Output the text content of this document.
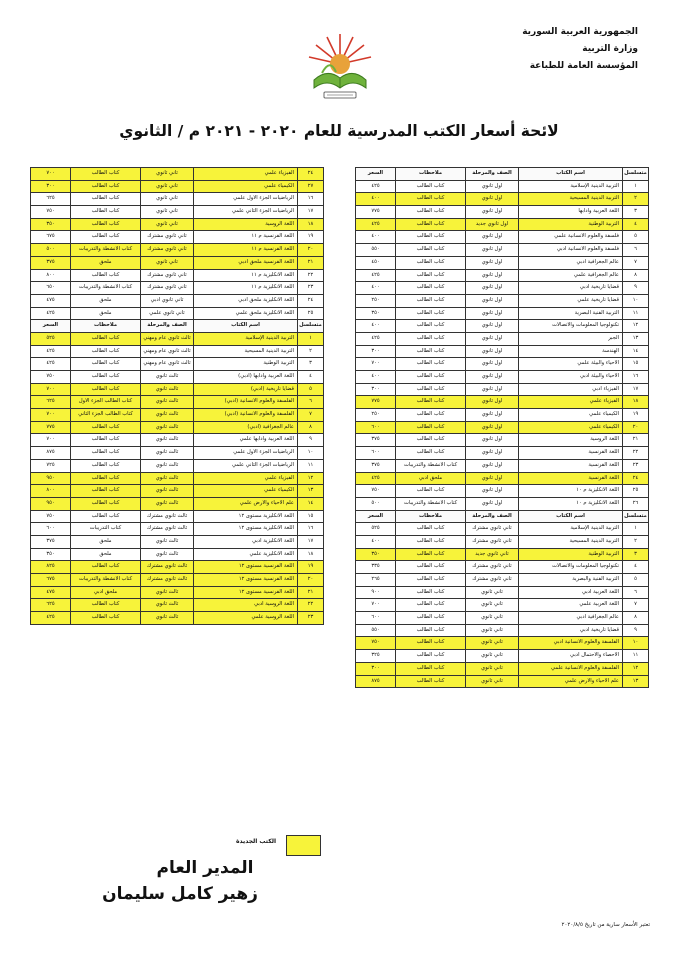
الجمهورية العربية السورية
وزارة التربية
المؤسسة العامة للطباعة
لائحة أسعار الكتب المدرسية للعام ٢٠٢٠ - ٢٠٢١ م / الثانوي
متسلسل	اسم الكتاب	الصف والمرحلة	ملاحظات	السعر
١	التربية الدينية الإسلامية	اول ثانوي	كتاب الطالب	٤٢٥
٢	التربية الدينية المسيحية	اول ثانوي	كتاب الطالب	٤٠٠
٣	اللغة العربية وادابها	اول ثانوي	كتاب الطالب	٧٧٥
٤	التربية الوطنية	اول ثانوي جديد	كتاب الطالب	٤٢٥
٥	فلسفة والعلوم الانسانية علمي	اول ثانوي	كتاب الطالب	٤٠٠
٦	فلسفة والعلوم الانسانية ادبي	اول ثانوي	كتاب الطالب	٥٥٠
٧	عالم الجغرافية ادبي	اول ثانوي	كتاب الطالب	٤٥٠
٨	عالم الجغرافية علمي	اول ثانوي	كتاب الطالب	٤٢٥
٩	قضايا تاريخية ادبي	اول ثانوي	كتاب الطالب	٤٠٠
١٠	قضايا تاريخية علمي	اول ثانوي	كتاب الطالب	٢٥٠
١١	التربية الفنية البصرية	اول ثانوي	كتاب الطالب	٣٥٠
١٢	تكنولوجيا المعلومات والاتصالات	اول ثانوي	كتاب الطالب	٤٠٠
١٣	الجبر	اول ثانوي	كتاب الطالب	٤٢٥
١٤	الهندسة	اول ثانوي	كتاب الطالب	٣٠٠
١٥	الاحياء والبيئة علمي	اول ثانوي	كتاب الطالب	٧٠٠
١٦	الاحياء والبيئة ادبي	اول ثانوي	كتاب الطالب	٤٠٠
١٧	الفيزياء ادبي	اول ثانوي	كتاب الطالب	٣٠٠
١٨	الفيزياء علمي	اول ثانوي	كتاب الطالب	٧٧٥
١٩	الكيمياء علمي	اول ثانوي	كتاب الطالب	٢٥٠
٢٠	الكيمياء علمي	اول ثانوي	كتاب الطالب	٦٠٠
٢١	اللغة الروسية	اول ثانوي	كتاب الطالب	٣٧٥
٢٢	اللغة الفرنسية	اول ثانوي	كتاب الطالب	٦٠٠
٢٣	اللغة الفرنسية	اول ثانوي	كتاب الانشطة والتدريبات	٣٧٥
٢٤	اللغة الفرنسية	اول ثانوي	ملحق ادبي	٤٢٥
٢٥	اللغة الانكليزية م ١٠	اول ثانوي	كتاب الطالب	٧٥٠
٢٦	اللغة الانكليزية م ١٠	اول ثانوي	كتاب الانشطة والتدريبات	٥٠٠
متسلسل	اسم الكتاب	الصف والمرحلة	ملاحظات	السعر
١	التربية الدينية الإسلامية	ثاني ثانوي مشترك	كتاب الطالب	٥٢٥
٢	التربية الدينية المسيحية	ثاني ثانوي مشترك	كتاب الطالب	٤٠٠
٣	التربية الوطنية	ثاني ثانوي جديد	كتاب الطالب	٣٥٠
٤	تكنولوجيا المعلومات والاتصالات	ثاني ثانوي مشترك	كتاب الطالب	٣٣٥
٥	التربية الفنية والبصرية	ثاني ثانوي مشترك	كتاب الطالب	٢٦٥
٦	اللغة العربية ادبي	ثاني ثانوي	كتاب الطالب	٩٠٠
٧	اللغة العربية علمي	ثاني ثانوي	كتاب الطالب	٧٠٠
٨	عالم الجغرافية ادبي	ثاني ثانوي	كتاب الطالب	٦٠٠
٩	قضايا تاريخية ادبي	ثاني ثانوي	كتاب الطالب	٥٥٠
١٠	الفلسفة والعلوم الانسانية ادبي	ثاني ثانوي	كتاب الطالب	٧٥٠
١١	الاحصاء والاحتمال ادبي	ثاني ثانوي	كتاب الطالب	٣٢٥
١٢	الفلسفة والعلوم الانسانية علمي	ثاني ثانوي	كتاب الطالب	٣٠٠
١٣	علم الاحياء والارض علمي	ثاني ثانوي	كتاب الطالب	٨٧٥
٢٤	الفيزياء علمي	ثاني ثانوي	كتاب الطالب	٧٠٠
٢٧	الكيمياء علمي	ثاني ثانوي	كتاب الطالب	٣٠٠
١٦	الرياضيات الجزء الاول علمي	ثاني ثانوي	كتاب الطالب	٦٢٥
١٧	الرياضيات الجزء الثاني علمي	ثاني ثانوي	كتاب الطالب	٧٥٠
١٨	اللغة الروسية	ثاني ثانوي	كتاب الطالب	٣٥٠
١٩	اللغة الفرنسية م ١١	ثاني ثانوي مشترك	كتاب الطالب	٦٧٥
٢٠	اللغة الفرنسية م ١١	ثاني ثانوي مشترك	كتاب الانشطة والتدريبات	٥٠٠
٢١	اللغة الفرنسية ملحق ادبي	ثاني ثانوي	ملحق	٣٧٥
٢٢	اللغة الانكليزية م ١١	ثاني ثانوي مشترك	كتاب الطالب	٨٠٠
٢٣	اللغة الانكليزية م ١١	ثاني ثانوي مشترك	كتاب الانشطة والتدريبات	٦٥٠
٢٤	اللغة الانكليزية ملحق ادبي	ثاني ثانوي ادبي	ملحق	٤٧٥
٢٥	اللغة الانكليزية ملحق علمي	ثاني ثانوي علمي	ملحق	٤٢٥
متسلسل	اسم الكتاب	الصف والمرحلة	ملاحظات	السعر
١	التربية الدينية الإسلامية	ثالث ثانوي عام ومهني	كتاب الطالب	٥٢٥
٢	التربية الدينية المسيحية	ثالث ثانوي عام ومهني	كتاب الطالب	٤٢٥
٣	التربية الوطنية	ثالث ثانوي عام ومهني	كتاب الطالب	٤٢٥
٤	اللغة العربية وادابها (ادبي)	ثالث ثانوي	كتاب الطالب	٧٥٠
٥	قضايا تاريخية (ادبي)	ثالث ثانوي	كتاب الطالب	٧٠٠
٦	الفلسفة والعلوم الانسانية (ادبي)	ثالث ثانوي	كتاب الطالب الجزء الاول	٦٢٥
٧	الفلسفة والعلوم الانسانية (ادبي)	ثالث ثانوي	كتاب الطالب الجزء الثاني	٧٠٠
٨	عالم الجغرافية (ادبي)	ثالث ثانوي	كتاب الطالب	٧٧٥
٩	اللغة العربية وادابها علمي	ثالث ثانوي	كتاب الطالب	٧٠٠
١٠	الرياضيات الجزء الاول علمي	ثالث ثانوي	كتاب الطالب	٨٧٥
١١	الرياضيات الجزء الثاني علمي	ثالث ثانوي	كتاب الطالب	٧٢٥
١٢	الفيزياء علمي	ثالث ثانوي	كتاب الطالب	٩٥٠
١٣	الكيمياء علمي	ثالث ثانوي	كتاب الطالب	٨٠٠
١٤	علم الاحياء والارض علمي	ثالث ثانوي	كتاب الطالب	٩٥٠
١٥	اللغة الانكليزية مستوى ١٢	ثالث ثانوي مشترك	كتاب الطالب	٧٥٠
١٦	اللغة الانكليزية مستوى ١٢	ثالث ثانوي مشترك	كتاب التدريبات	٦٠٠
١٧	اللغة الانكليزية ادبي	ثالث ثانوي	ملحق	٣٧٥
١٨	اللغة الانكليزية علمي	ثالث ثانوي	ملحق	٣٥٠
١٩	اللغة الفرنسية مستوى ١٢	ثالث ثانوي مشترك	كتاب الطالب	٨٢٥
٢٠	اللغة الفرنسية مستوى ١٢	ثالث ثانوي مشترك	كتاب الانشطة والتدريبات	٦٧٥
٢١	اللغة الفرنسية مستوى ١٢	ثالث ثانوي	ملحق ادبي	٤٧٥
٢٢	اللغة الروسية ادبي	ثالث ثانوي	كتاب الطالب	٦٢٥
٢٣	اللغة الروسية علمي	ثالث ثانوي	كتاب الطالب	٤٢٥
الكتب الجديدة
المدير العام
زهير كامل سليمان
تعتبر الأسعار سارية من تاريخ ٢٠٢٠/٨/٥
